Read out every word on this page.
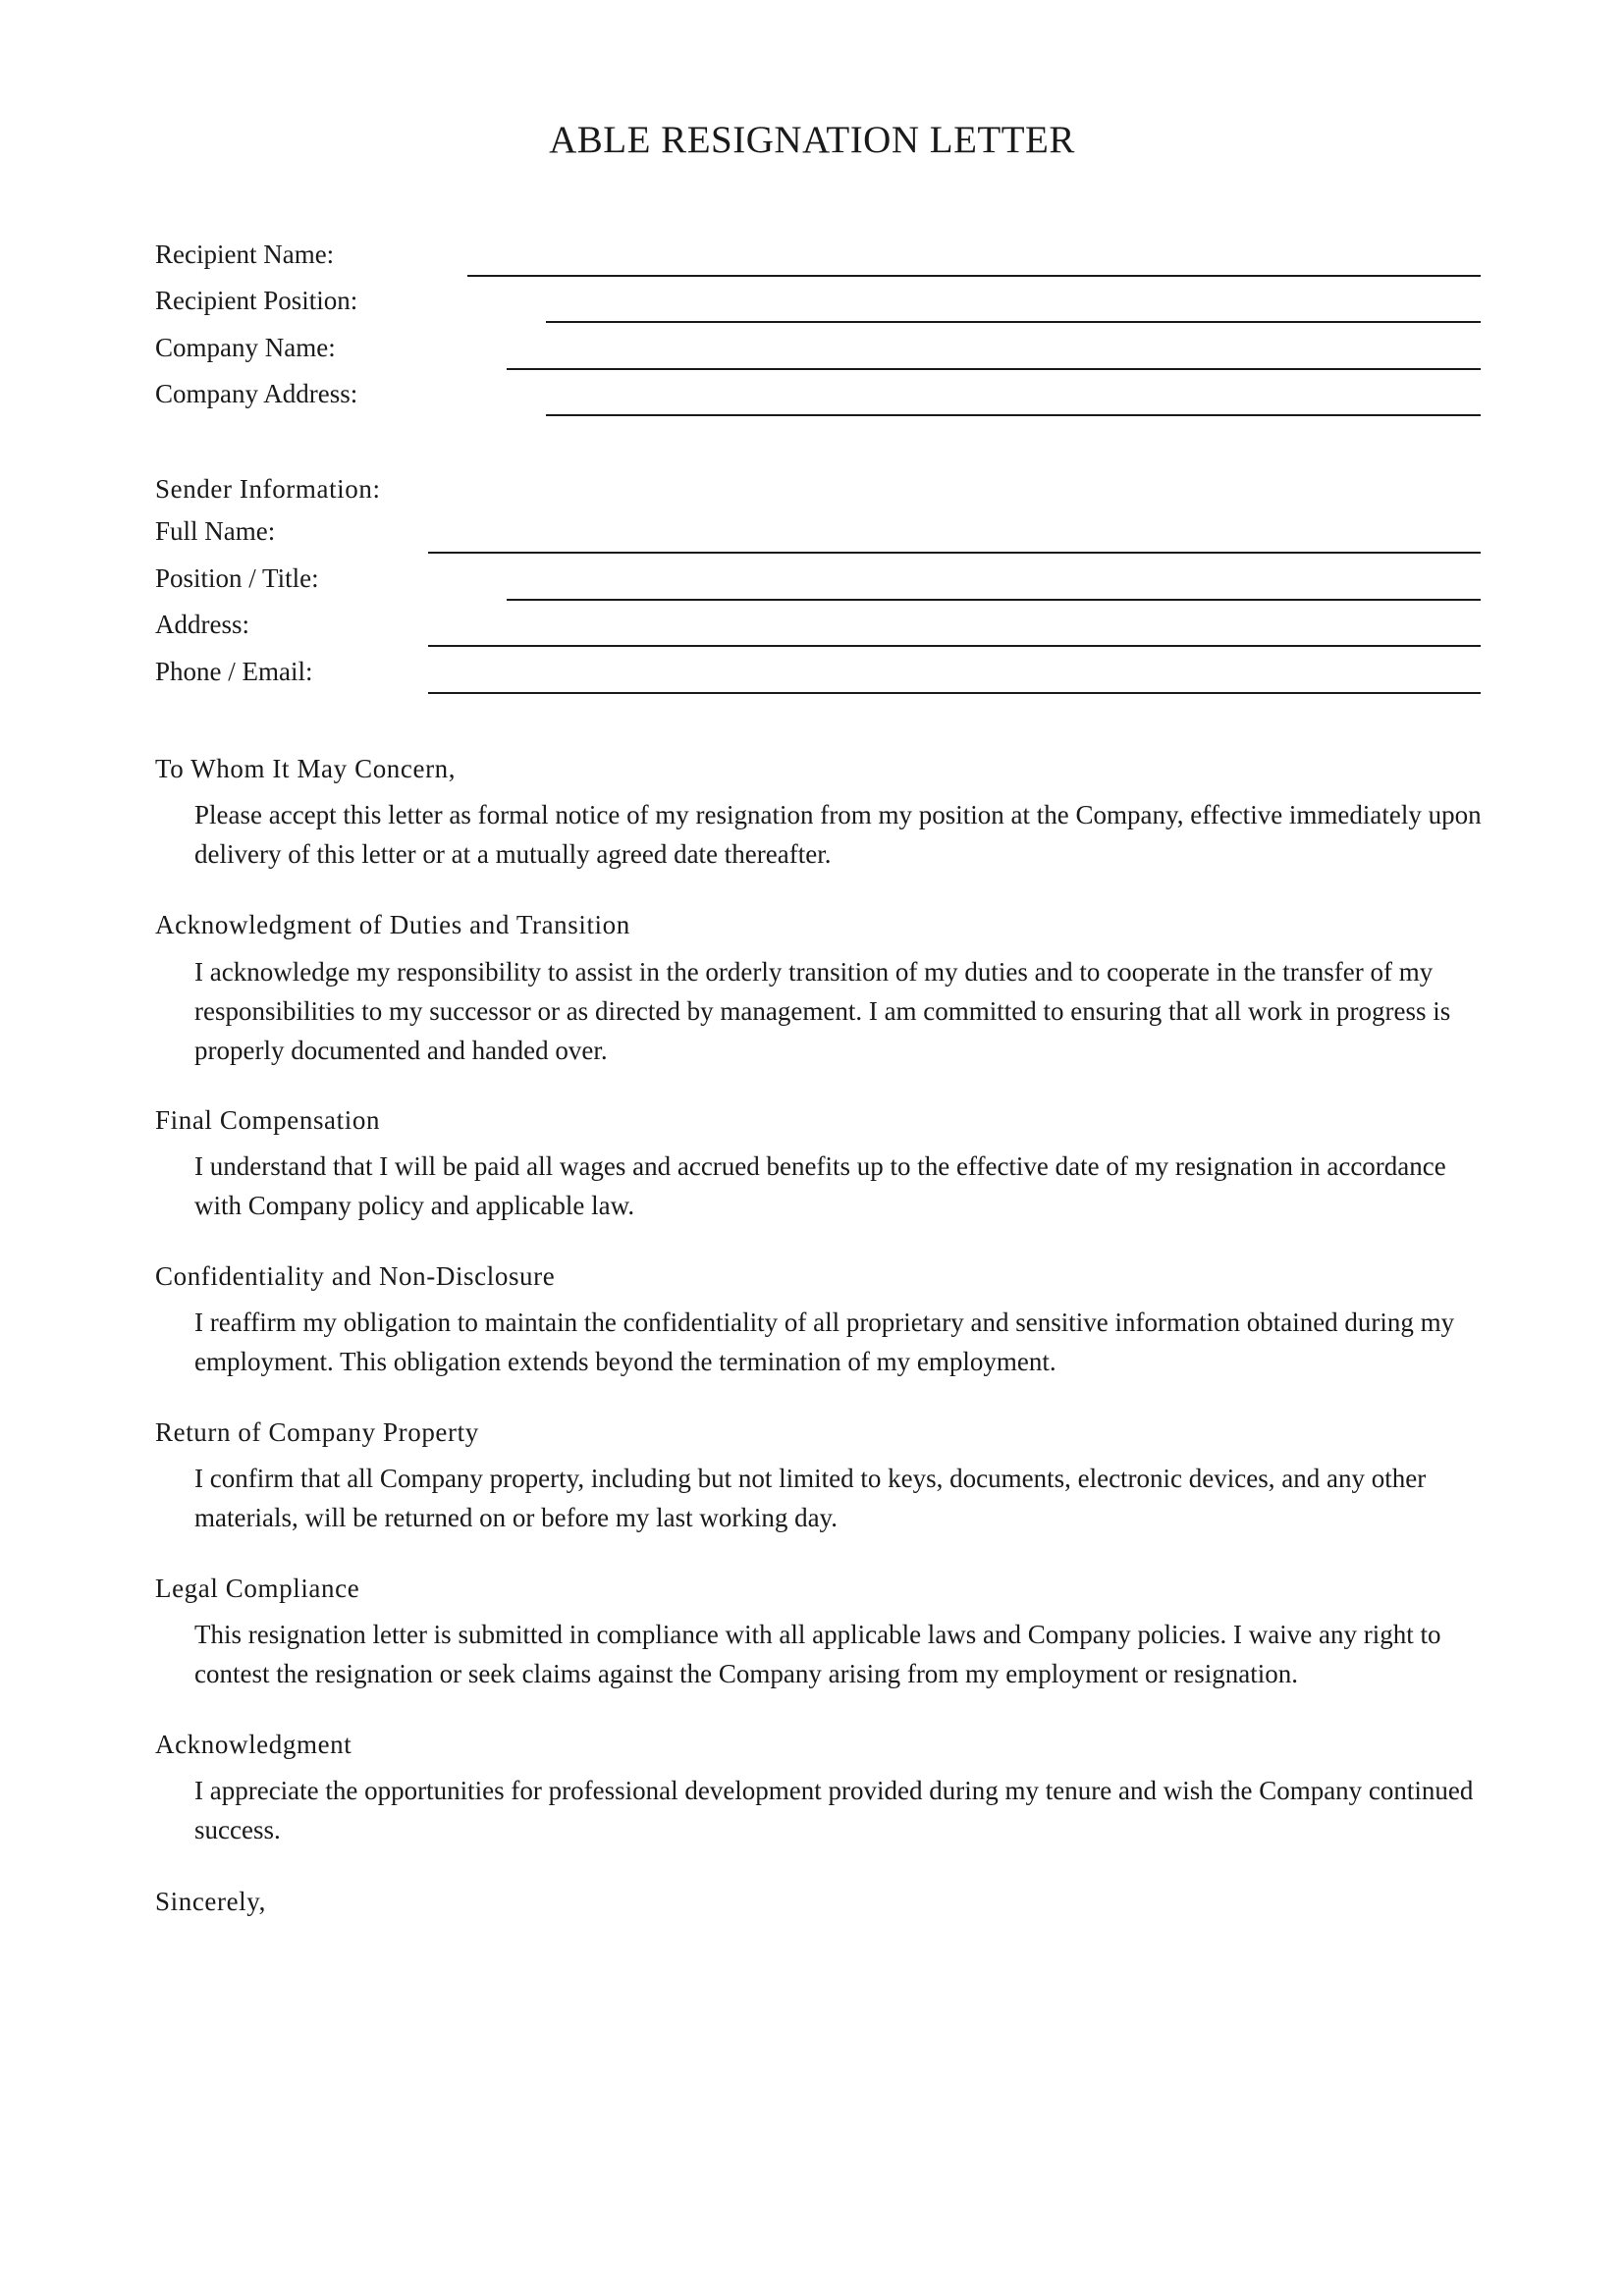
ABLE RESIGNATION LETTER
Recipient Name:
Recipient Position:
Company Name:
Company Address:
Sender Information:
Full Name:
Position / Title:
Address:
Phone / Email:
To Whom It May Concern,

Please accept this letter as formal notice of my resignation from my position at the Company, effective immediately upon delivery of this letter or at a mutually agreed date thereafter.

Acknowledgment of Duties and Transition

I acknowledge my responsibility to assist in the orderly transition of my duties and to cooperate in the transfer of my responsibilities to my successor or as directed by management. I am committed to ensuring that all work in progress is properly documented and handed over.

Final Compensation

I understand that I will be paid all wages and accrued benefits up to the effective date of my resignation in accordance with Company policy and applicable law.

Confidentiality and Non-Disclosure

I reaffirm my obligation to maintain the confidentiality of all proprietary and sensitive information obtained during my employment. This obligation extends beyond the termination of my employment.

Return of Company Property

I confirm that all Company property, including but not limited to keys, documents, electronic devices, and any other materials, will be returned on or before my last working day.

Legal Compliance

This resignation letter is submitted in compliance with all applicable laws and Company policies. I waive any right to contest the resignation or seek claims against the Company arising from my employment or resignation.

Acknowledgment

I appreciate the opportunities for professional development provided during my tenure and wish the Company continued success.

Sincerely,
